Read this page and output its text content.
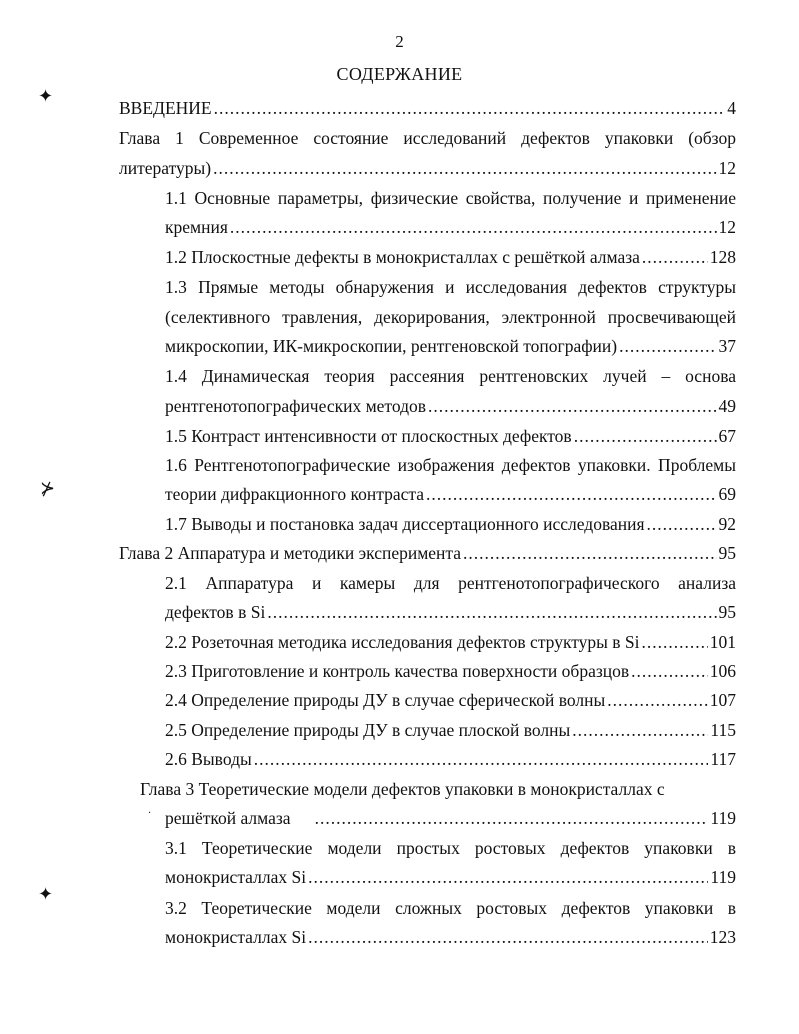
2
СОДЕРЖАНИЕ
✦
⊁
✦
·
ВВЕДЕНИЕ .....	4
Глава 1 Современное состояние исследований дефектов упаковки (обзор
литературы) .....	12
1.1 Основные параметры, физические свойства, получение и применение
кремния .....	12
1.2 Плоскостные дефекты в монокристаллах с решёткой алмаза .....	128
1.3 Прямые методы обнаружения и исследования дефектов структуры
(селективного травления, декорирования, электронной просвечивающей
микроскопии, ИК-микроскопии, рентгеновской топографии) .....	37
1.4 Динамическая теория рассеяния рентгеновских лучей – основа
рентгенотопографических методов .....	49
1.5 Контраст интенсивности от плоскостных дефектов .....	67
1.6 Рентгенотопографические изображения дефектов упаковки. Проблемы
теории дифракционного контраста .....	69
1.7 Выводы и постановка задач диссертационного исследования .....	92
Глава 2 Аппаратура и методики эксперимента .....	95
2.1 Аппаратура и камеры для рентгенотопографического анализа
дефектов в Si .....	95
2.2 Розеточная методика исследования дефектов структуры в Si .....	101
2.3 Приготовление и контроль качества поверхности образцов .....	106
2.4 Определение природы ДУ в случае сферической волны .....	107
2.5 Определение природы ДУ в случае плоской волны .....	115
2.6 Выводы .....	117
Глава 3 Теоретические модели дефектов упаковки в монокристаллах с
решёткой алмаза .....	119
3.1 Теоретические модели простых ростовых дефектов упаковки в
монокристаллах Si .....	119
3.2 Теоретические модели сложных ростовых дефектов упаковки в
монокристаллах Si .....	123
